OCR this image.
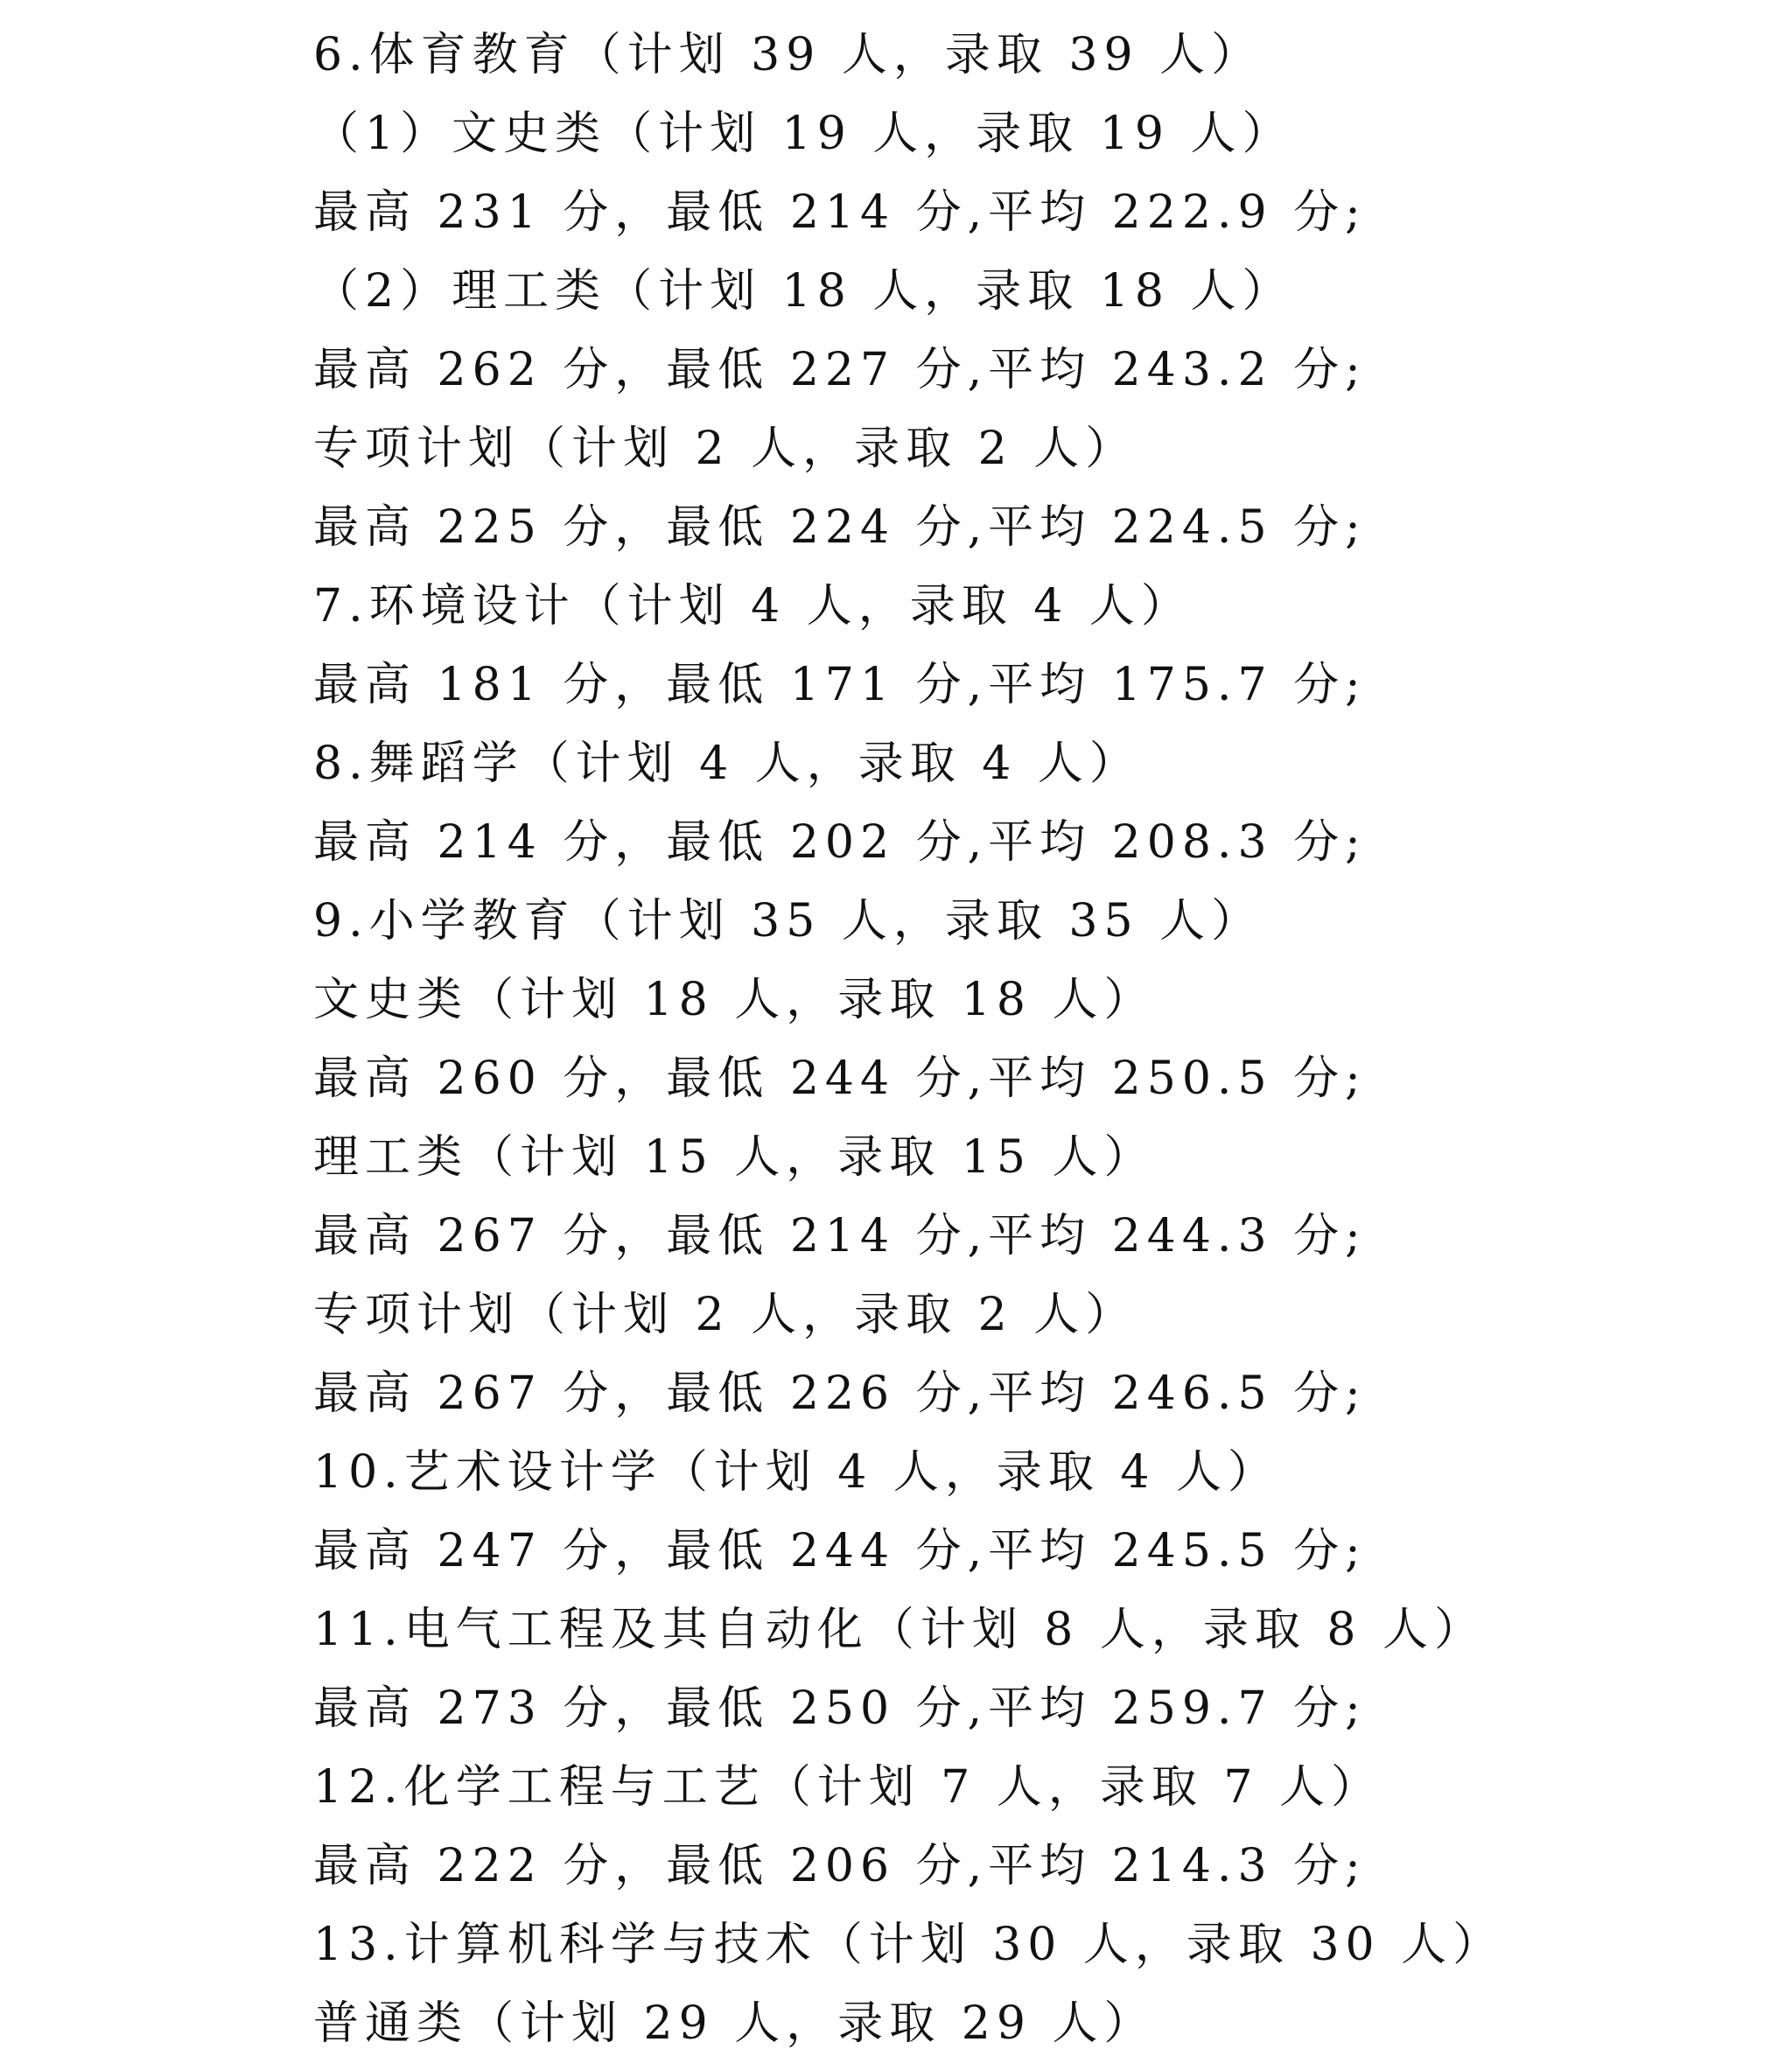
6.体育教育（计划 39 人，录取 39 人）
（1）文史类（计划 19 人，录取 19 人）
最高 231 分，最低 214 分,平均 222.9 分;
（2）理工类（计划 18 人，录取 18 人）
最高 262 分，最低 227 分,平均 243.2 分;
专项计划（计划 2 人，录取 2 人）
最高 225 分，最低 224 分,平均 224.5 分;
7.环境设计（计划 4 人，录取 4 人）
最高 181 分，最低 171 分,平均 175.7 分;
8.舞蹈学（计划 4 人，录取 4 人）
最高 214 分，最低 202 分,平均 208.3 分;
9.小学教育（计划 35 人，录取 35 人）
文史类（计划 18 人，录取 18 人）
最高 260 分，最低 244 分,平均 250.5 分;
理工类（计划 15 人，录取 15 人）
最高 267 分，最低 214 分,平均 244.3 分;
专项计划（计划 2 人，录取 2 人）
最高 267 分，最低 226 分,平均 246.5 分;
10.艺术设计学（计划 4 人，录取 4 人）
最高 247 分，最低 244 分,平均 245.5 分;
11.电气工程及其自动化（计划 8 人，录取 8 人）
最高 273 分，最低 250 分,平均 259.7 分;
12.化学工程与工艺（计划 7 人，录取 7 人）
最高 222 分，最低 206 分,平均 214.3 分;
13.计算机科学与技术（计划 30 人，录取 30 人）
普通类（计划 29 人，录取 29 人）
